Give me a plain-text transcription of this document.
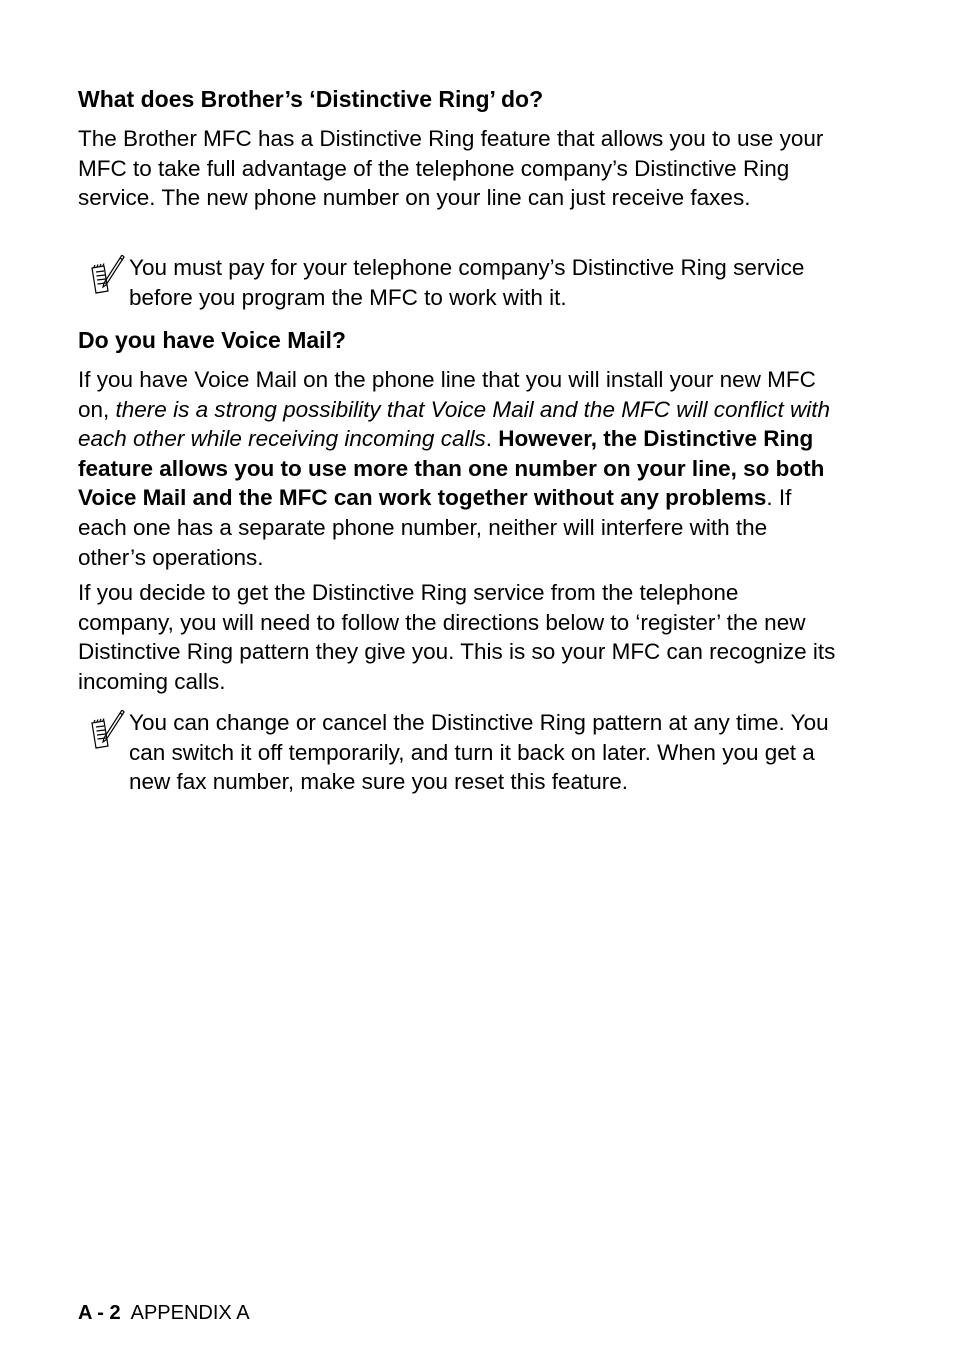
What does Brother’s ‘Distinctive Ring’ do?

The Brother MFC has a Distinctive Ring feature that allows you to use your MFC to take full advantage of the telephone company’s Distinctive Ring service. The new phone number on your line can just receive faxes.

You must pay for your telephone company’s Distinctive Ring service before you program the MFC to work with it.

Do you have Voice Mail?

If you have Voice Mail on the phone line that you will install your new MFC on, there is a strong possibility that Voice Mail and the MFC will conflict with each other while receiving incoming calls. However, the Distinctive Ring feature allows you to use more than one number on your line, so both Voice Mail and the MFC can work together without any problems. If each one has a separate phone number, neither will interfere with the other’s operations.

If you decide to get the Distinctive Ring service from the telephone company, you will need to follow the directions below to ‘register’ the new Distinctive Ring pattern they give you. This is so your MFC can recognize its incoming calls.

You can change or cancel the Distinctive Ring pattern at any time. You can switch it off temporarily, and turn it back on later. When you get a new fax number, make sure you reset this feature.

A - 2 APPENDIX A
